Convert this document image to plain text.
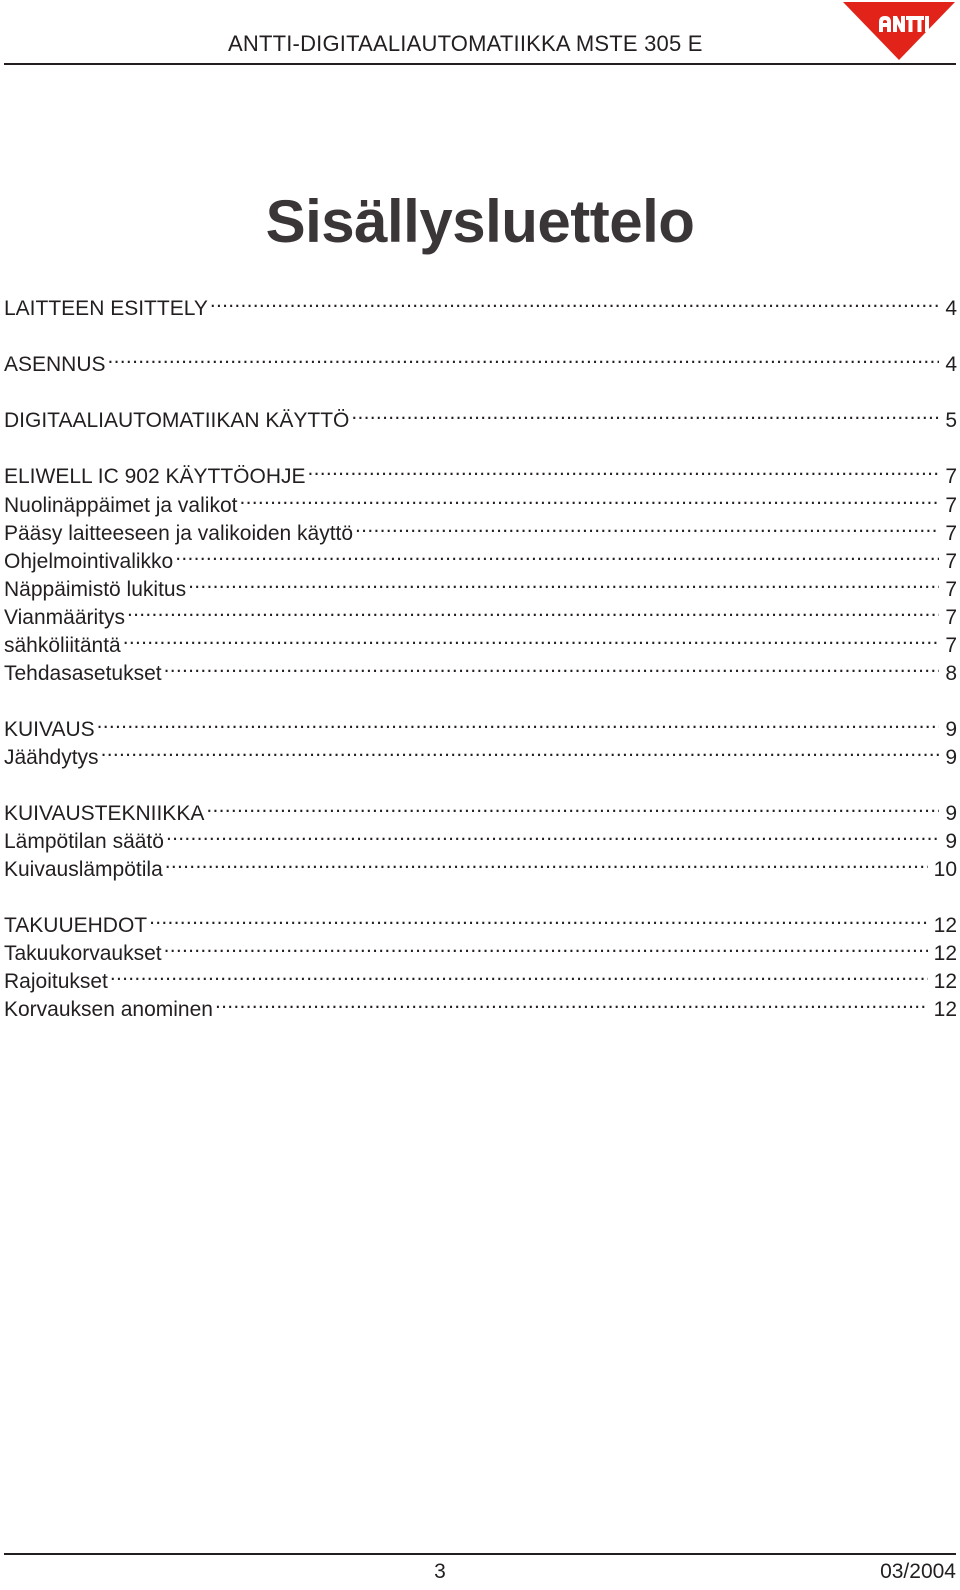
ANTTI-DIGITAALIAUTOMATIIKKA MSTE 305 E
Sisällysluettelo
LAITTEEN ESITTELY .....	4
ASENNUS .....	4
DIGITAALIAUTOMATIIKAN KÄYTTÖ .....	5
ELIWELL IC 902 KÄYTTÖOHJE .....	7
Nuolinäppäimet ja valikot .....	7
Pääsy laitteeseen ja valikoiden käyttö .....	7
Ohjelmointivalikko .....	7
Näppäimistö lukitus .....	7
Vianmääritys .....	7
sähköliitäntä .....	7
Tehdasasetukset .....	8
KUIVAUS .....	9
Jäähdytys .....	9
KUIVAUSTEKNIIKKA .....	9
Lämpötilan säätö .....	9
Kuivauslämpötila .....	10
TAKUUEHDOT .....	12
Takuukorvaukset .....	12
Rajoitukset .....	12
Korvauksen anominen .....	12
3	03/2004
